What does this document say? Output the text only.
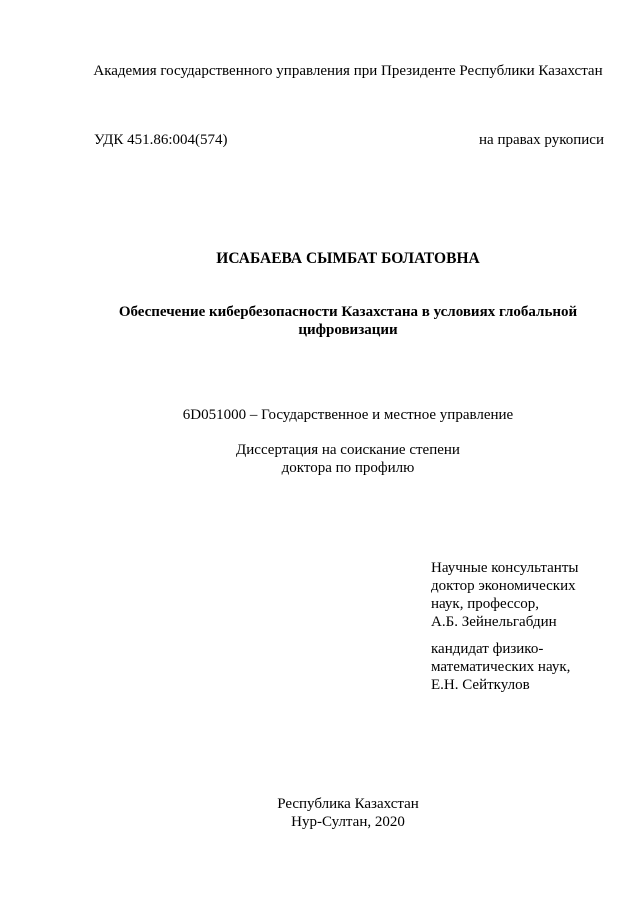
Академия государственного управления при Президенте Республики Казахстан
УДК 451.86:004(574)	на правах рукописи
ИСАБАЕВА СЫМБАТ БОЛАТОВНА
Обеспечение кибербезопасности Казахстана в условиях глобальной
цифровизации
6D051000 – Государственное и местное управление
Диссертация на соискание степени
доктора по профилю
Научные консультанты
доктор экономических
наук, профессор,
А.Б. Зейнельгабдин
кандидат физико-
математических наук,
Е.Н. Сейткулов
Республика Казахстан
Нур-Султан, 2020
